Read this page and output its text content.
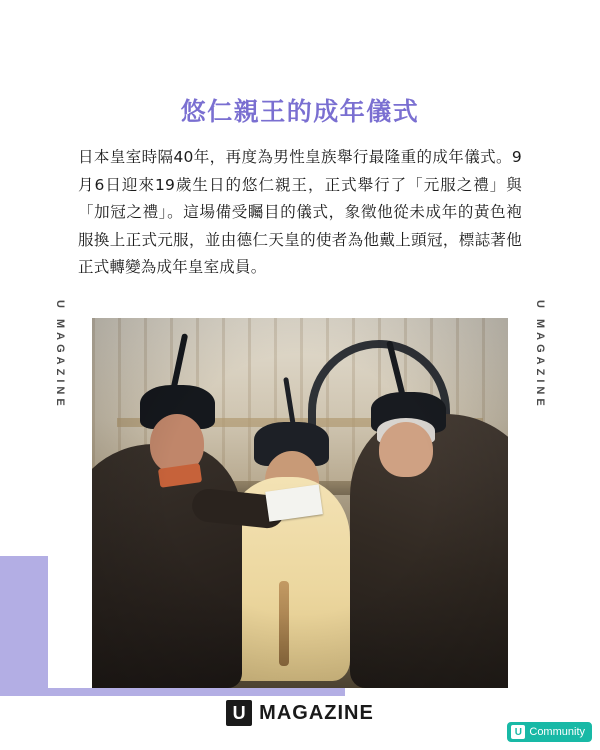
U MAGAZINE	U MAGAZINE
悠仁親王的成年儀式

日本皇室時隔40年，再度為男性皇族舉行最隆重的成年儀式。9月6日迎來19歲生日的悠仁親王，正式舉行了「元服之禮」與「加冠之禮」。這場備受矚目的儀式，象徵他從未成年的黃色袍服換上正式元服，並由德仁天皇的使者為他戴上頭冠，標誌著他正式轉變為成年皇室成員。

U MAGAZINE
U Community
